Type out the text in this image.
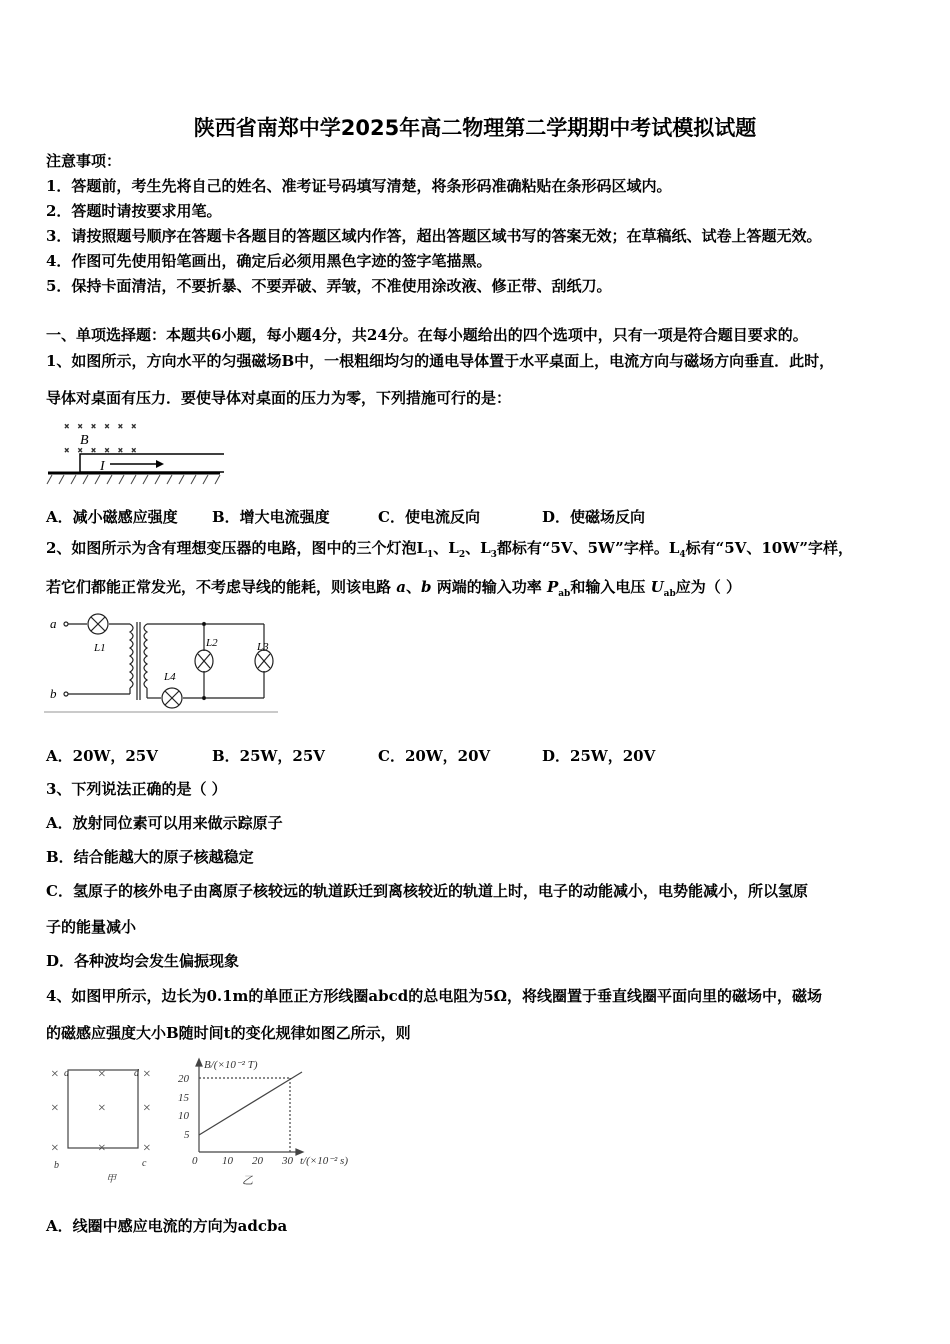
陕西省南郑中学2025年高二物理第二学期期中考试模拟试题
注意事项：
1．答题前，考生先将自己的姓名、准考证号码填写清楚，将条形码准确粘贴在条形码区域内。
2．答题时请按要求用笔。
3．请按照题号顺序在答题卡各题目的答题区域内作答，超出答题区域书写的答案无效；在草稿纸、试卷上答题无效。
4．作图可先使用铅笔画出，确定后必须用黑色字迹的签字笔描黑。
5．保持卡面清洁，不要折暴、不要弄破、弄皱，不准使用涂改液、修正带、刮纸刀。
一、单项选择题：本题共6小题，每小题4分，共24分。在每小题给出的四个选项中，只有一项是符合题目要求的。
1、如图所示，方向水平的匀强磁场B中，一根粗细均匀的通电导体置于水平桌面上，电流方向与磁场方向垂直．此时，
导体对桌面有压力．要使导体对桌面的压力为零，下列措施可行的是：
×    ×    ×    ×    ×    ×
×    ×    ×    ×    ×    ×
B
I
A．减小磁感应强度 B．增大电流强度	C．使电流反向	D．使磁场反向
2、如图所示为含有理想变压器的电路，图中的三个灯泡$L_1$、$L_2$、$L_3$都标有“5V、5W”字样。$L_4$标有“5V、10W”字样，
若它们都能正常发光，不考虑导线的能耗，则该电路 a、b 两端的输入功率 $P_{ab}$和输入电压 $U_{ab}$应为（ ）
a
b
L1
L4
L2	L3
A．20W，25V	B．25W，25V	C．20W，20V	D．25W，20V
3、下列说法正确的是（ ）
A．放射同位素可以用来做示踪原子
B．结合能越大的原子核越稳定
C．氢原子的核外电子由离原子核较远的轨道跃迁到离核较近的轨道上时，电子的动能减小，电势能减小，所以氢原
子的能量减小
D．各种波均会发生偏振现象
4、如图甲所示，边长为0.1m的单匝正方形线圈abcd的总电阻为5Ω，将线圈置于垂直线圈平面向里的磁场中，磁场
的磁感应强度大小B随时间t的变化规律如图乙所示，则
×	×	×
×	×	×
×	×	×
a	d
b	c
甲
B/(×10⁻² T)
20
15
10
5
0 10 20 30 t/(×10⁻² s)
乙
A．线圈中感应电流的方向为adcba
